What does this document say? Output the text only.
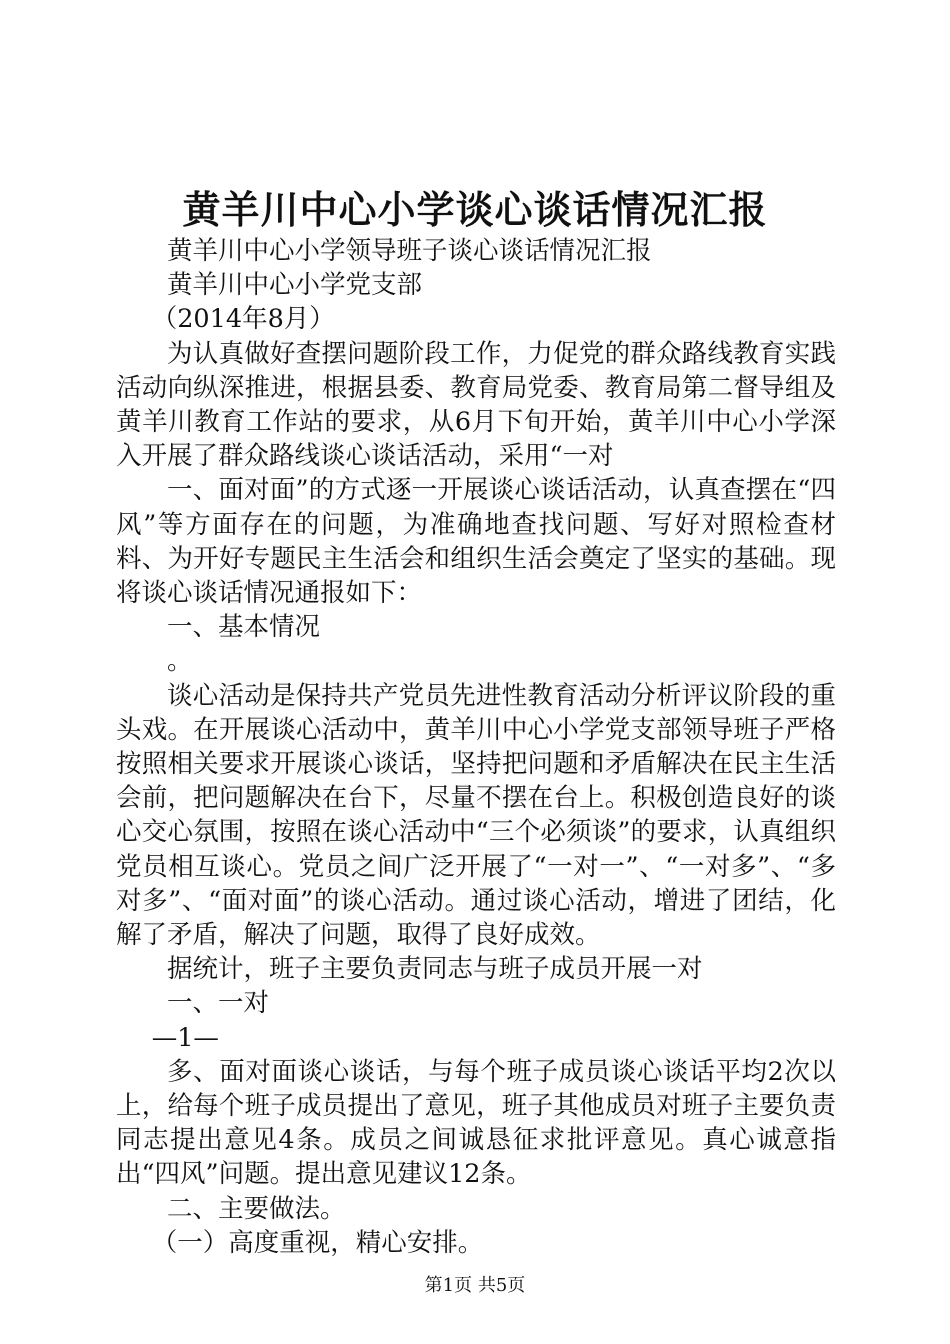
黄羊川中心小学谈心谈话情况汇报

黄羊川中心小学领导班子谈心谈话情况汇报

黄羊川中心小学党支部

（2014年8月）

为认真做好查摆问题阶段工作，力促党的群众路线教育实践活动向纵深推进，根据县委、教育局党委、教育局第二督导组及黄羊川教育工作站的要求，从6月下旬开始，黄羊川中心小学深入开展了群众路线谈心谈话活动，采用“一对

一、面对面”的方式逐一开展谈心谈话活动，认真查摆在“四风”等方面存在的问题，为准确地查找问题、写好对照检查材料、为开好专题民主生活会和组织生活会奠定了坚实的基础。现将谈心谈话情况通报如下：

一、基本情况

。

谈心活动是保持共产党员先进性教育活动分析评议阶段的重头戏。在开展谈心活动中，黄羊川中心小学党支部领导班子严格按照相关要求开展谈心谈话，坚持把问题和矛盾解决在民主生活会前，把问题解决在台下，尽量不摆在台上。积极创造良好的谈心交心氛围，按照在谈心活动中“三个必须谈”的要求，认真组织党员相互谈心。党员之间广泛开展了“一对一”、“一对多”、“多对多”、“面对面”的谈心活动。通过谈心活动，增进了团结，化解了矛盾，解决了问题，取得了良好成效。

据统计，班子主要负责同志与班子成员开展一对

一、一对

—1—

多、面对面谈心谈话，与每个班子成员谈心谈话平均2次以上，给每个班子成员提出了意见，班子其他成员对班子主要负责同志提出意见4条。成员之间诚恳征求批评意见。真心诚意指出“四风”问题。提出意见建议12条。

二、主要做法。

（一）高度重视，精心安排。

第1页 共5页
